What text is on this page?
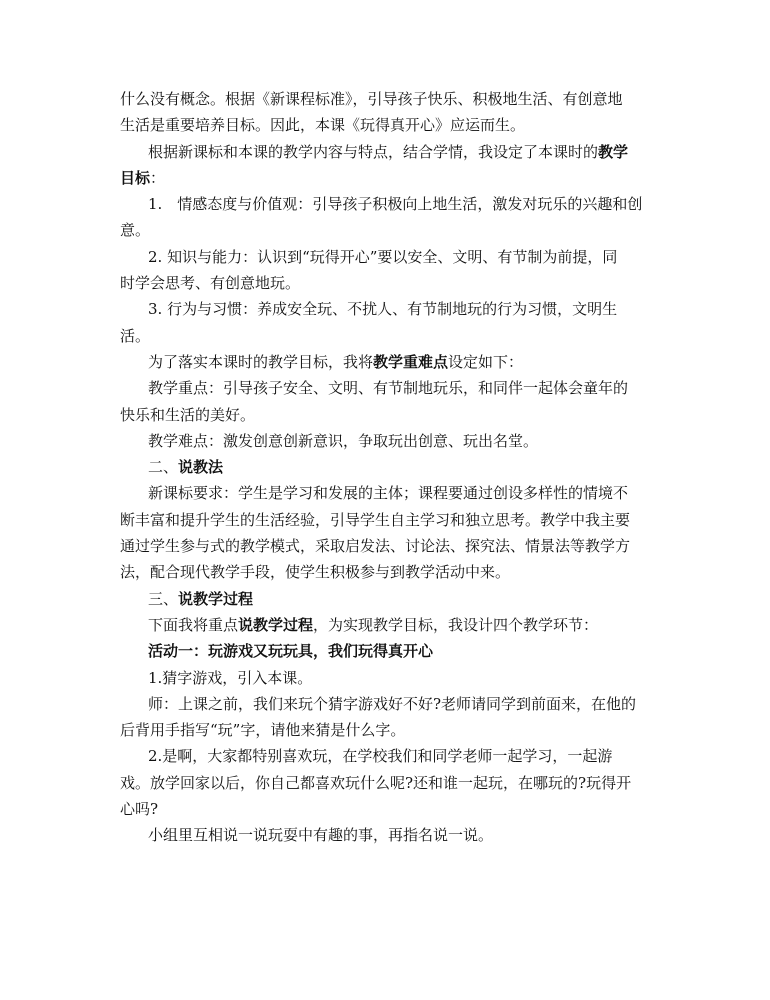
什么没有概念。根据《新课程标准》，引导孩子快乐、积极地生活、有创意地
生活是重要培养目标。因此，本课《玩得真开心》应运而生。
根据新课标和本课的教学内容与特点，结合学情，我设定了本课时的教学
目标：
1.　情感态度与价值观：引导孩子积极向上地生活，激发对玩乐的兴趣和创
意。
2. 知识与能力：认识到“玩得开心”要以安全、文明、有节制为前提，同
时学会思考、有创意地玩。
3. 行为与习惯：养成安全玩、不扰人、有节制地玩的行为习惯，文明生
活。
为了落实本课时的教学目标，我将教学重难点设定如下：
教学重点：引导孩子安全、文明、有节制地玩乐，和同伴一起体会童年的
快乐和生活的美好。
教学难点：激发创意创新意识，争取玩出创意、玩出名堂。
二、说教法
新课标要求：学生是学习和发展的主体；课程要通过创设多样性的情境不
断丰富和提升学生的生活经验，引导学生自主学习和独立思考。教学中我主要
通过学生参与式的教学模式，采取启发法、讨论法、探究法、情景法等教学方
法，配合现代教学手段，使学生积极参与到教学活动中来。
三、说教学过程
下面我将重点说教学过程，为实现教学目标，我设计四个教学环节：
活动一：玩游戏又玩玩具，我们玩得真开心
1.猜字游戏，引入本课。
师：上课之前，我们来玩个猜字游戏好不好?老师请同学到前面来，在他的
后背用手指写“玩”字，请他来猜是什么字。
2.是啊，大家都特别喜欢玩，在学校我们和同学老师一起学习，一起游
戏。放学回家以后，你自己都喜欢玩什么呢?还和谁一起玩，在哪玩的?玩得开
心吗?
小组里互相说一说玩耍中有趣的事，再指名说一说。
